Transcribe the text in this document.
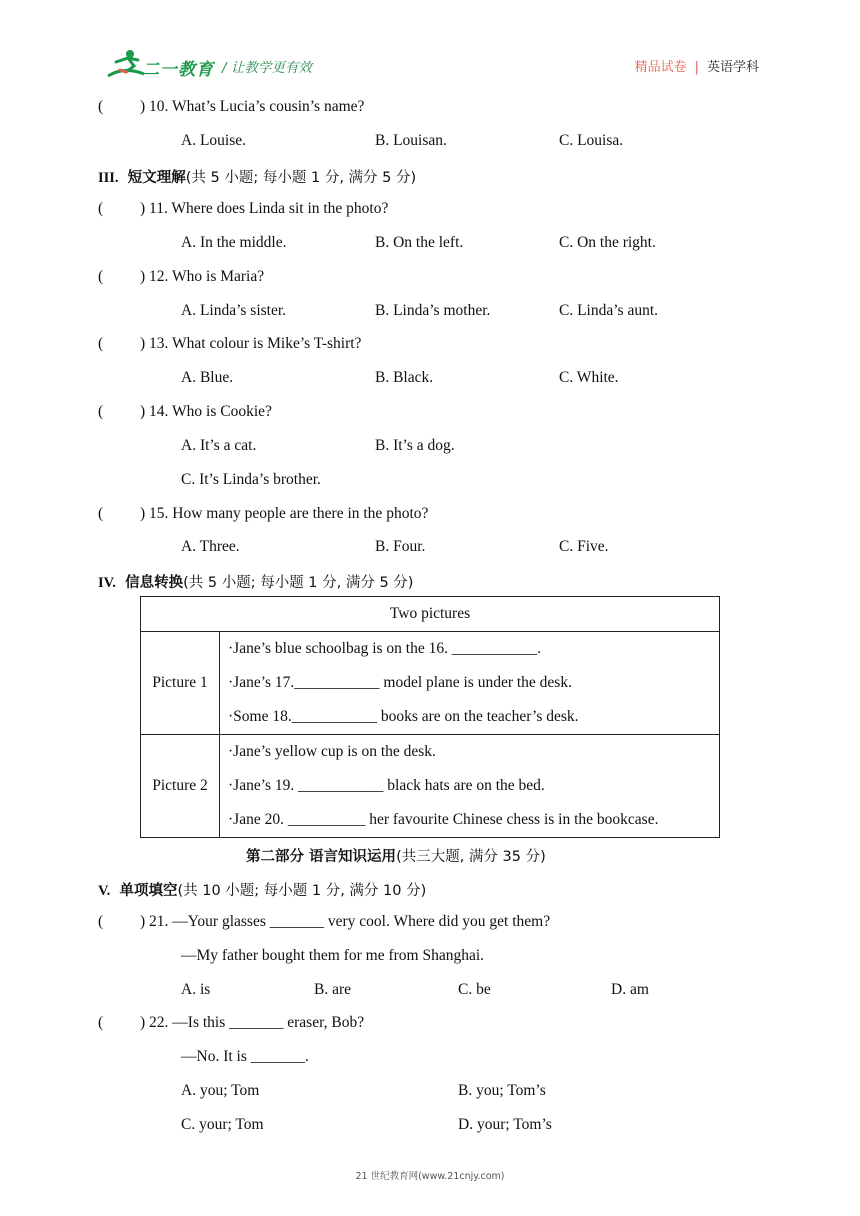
二一教育 / 让教学更有效	精品试卷 | 英语学科
( ) 10. What’s Lucia’s cousin’s name?
A. Louise.	B. Louisan.	C. Louisa.
III. 短文理解(共 5 小题; 每小题 1 分, 满分 5 分)
( ) 11. Where does Linda sit in the photo?
A. In the middle.	B. On the left.	C. On the right.
( ) 12. Who is Maria?
A. Linda’s sister.	B. Linda’s mother.	C. Linda’s aunt.
( ) 13. What colour is Mike’s T-shirt?
A. Blue.	B. Black.	C. White.
( ) 14. Who is Cookie?
A. It’s a cat.	B. It’s a dog.
C. It’s Linda’s brother.
( ) 15. How many people are there in the photo?
A. Three.	B. Four.	C. Five.
IV. 信息转换(共 5 小题; 每小题 1 分, 满分 5 分)
Two pictures	
Picture 1	·Jane’s blue schoolbag is on the 16. ___________.
·Jane’s 17.___________ model plane is under the desk.
·Some 18.___________ books are on the teacher’s desk.

Picture 2	·Jane’s yellow cup is on the desk.
·Jane’s 19. ___________ black hats are on the bed.
·Jane 20. __________ her favourite Chinese chess is in the bookcase.
第二部分 语言知识运用(共三大题, 满分 35 分)
V. 单项填空(共 10 小题; 每小题 1 分, 满分 10 分)
( ) 21. —Your glasses _______ very cool. Where did you get them?
—My father bought them for me from Shanghai.
A. is	B. are	C. be	D. am
( ) 22. —Is this _______ eraser, Bob?
—No. It is _______.
A. you; Tom	B. you; Tom’s
C. your; Tom	D. your; Tom’s
21 世纪教育网(www.21cnjy.com)
